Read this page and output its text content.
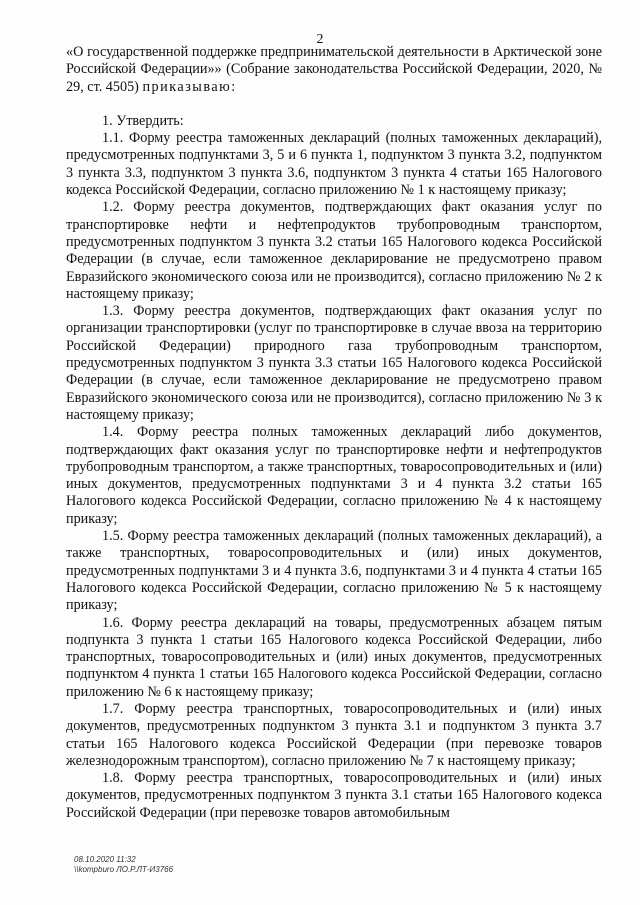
2

«О государственной поддержке предпринимательской деятельности в Арктической зоне Российской Федерации»» (Собрание законодательства Российской Федерации, 2020, № 29, ст. 4505) приказываю:

1. Утвердить:

1.1. Форму реестра таможенных деклараций (полных таможенных деклараций), предусмотренных подпунктами 3, 5 и 6 пункта 1, подпунктом 3 пункта 3.2, подпунктом 3 пункта 3.3, подпунктом 3 пункта 3.6, подпунктом 3 пункта 4 статьи 165 Налогового кодекса Российской Федерации, согласно приложению № 1 к настоящему приказу;

1.2. Форму реестра документов, подтверждающих факт оказания услуг по транспортировке нефти и нефтепродуктов трубопроводным транспортом, предусмотренных подпунктом 3 пункта 3.2 статьи 165 Налогового кодекса Российской Федерации (в случае, если таможенное декларирование не предусмотрено правом Евразийского экономического союза или не производится), согласно приложению № 2 к настоящему приказу;

1.3. Форму реестра документов, подтверждающих факт оказания услуг по организации транспортировки (услуг по транспортировке в случае ввоза на территорию Российской Федерации) природного газа трубопроводным транспортом, предусмотренных подпунктом 3 пункта 3.3 статьи 165 Налогового кодекса Российской Федерации (в случае, если таможенное декларирование не предусмотрено правом Евразийского экономического союза или не производится), согласно приложению № 3 к настоящему приказу;

1.4. Форму реестра полных таможенных деклараций либо документов, подтверждающих факт оказания услуг по транспортировке нефти и нефтепродуктов трубопроводным транспортом, а также транспортных, товаросопроводительных и (или) иных документов, предусмотренных подпунктами 3 и 4 пункта 3.2 статьи 165 Налогового кодекса Российской Федерации, согласно приложению № 4 к настоящему приказу;

1.5. Форму реестра таможенных деклараций (полных таможенных деклараций), а также транспортных, товаросопроводительных и (или) иных документов, предусмотренных подпунктами 3 и 4 пункта 3.6, подпунктами 3 и 4 пункта 4 статьи 165 Налогового кодекса Российской Федерации, согласно приложению № 5 к настоящему приказу;

1.6. Форму реестра деклараций на товары, предусмотренных абзацем пятым подпункта 3 пункта 1 статьи 165 Налогового кодекса Российской Федерации, либо транспортных, товаросопроводительных и (или) иных документов, предусмотренных подпунктом 4 пункта 1 статьи 165 Налогового кодекса Российской Федерации, согласно приложению № 6 к настоящему приказу;

1.7. Форму реестра транспортных, товаросопроводительных и (или) иных документов, предусмотренных подпунктом 3 пункта 3.1 и подпунктом 3 пункта 3.7 статьи 165 Налогового кодекса Российской Федерации (при перевозке товаров железнодорожным транспортом), согласно приложению № 7 к настоящему приказу;

1.8. Форму реестра транспортных, товаросопроводительных и (или) иных документов, предусмотренных подпунктом 3 пункта 3.1 статьи 165 Налогового кодекса Российской Федерации (при перевозке товаров автомобильным

08.10.2020 11:32
\\kompburo ЛО.Р.ЛТ-И3766
